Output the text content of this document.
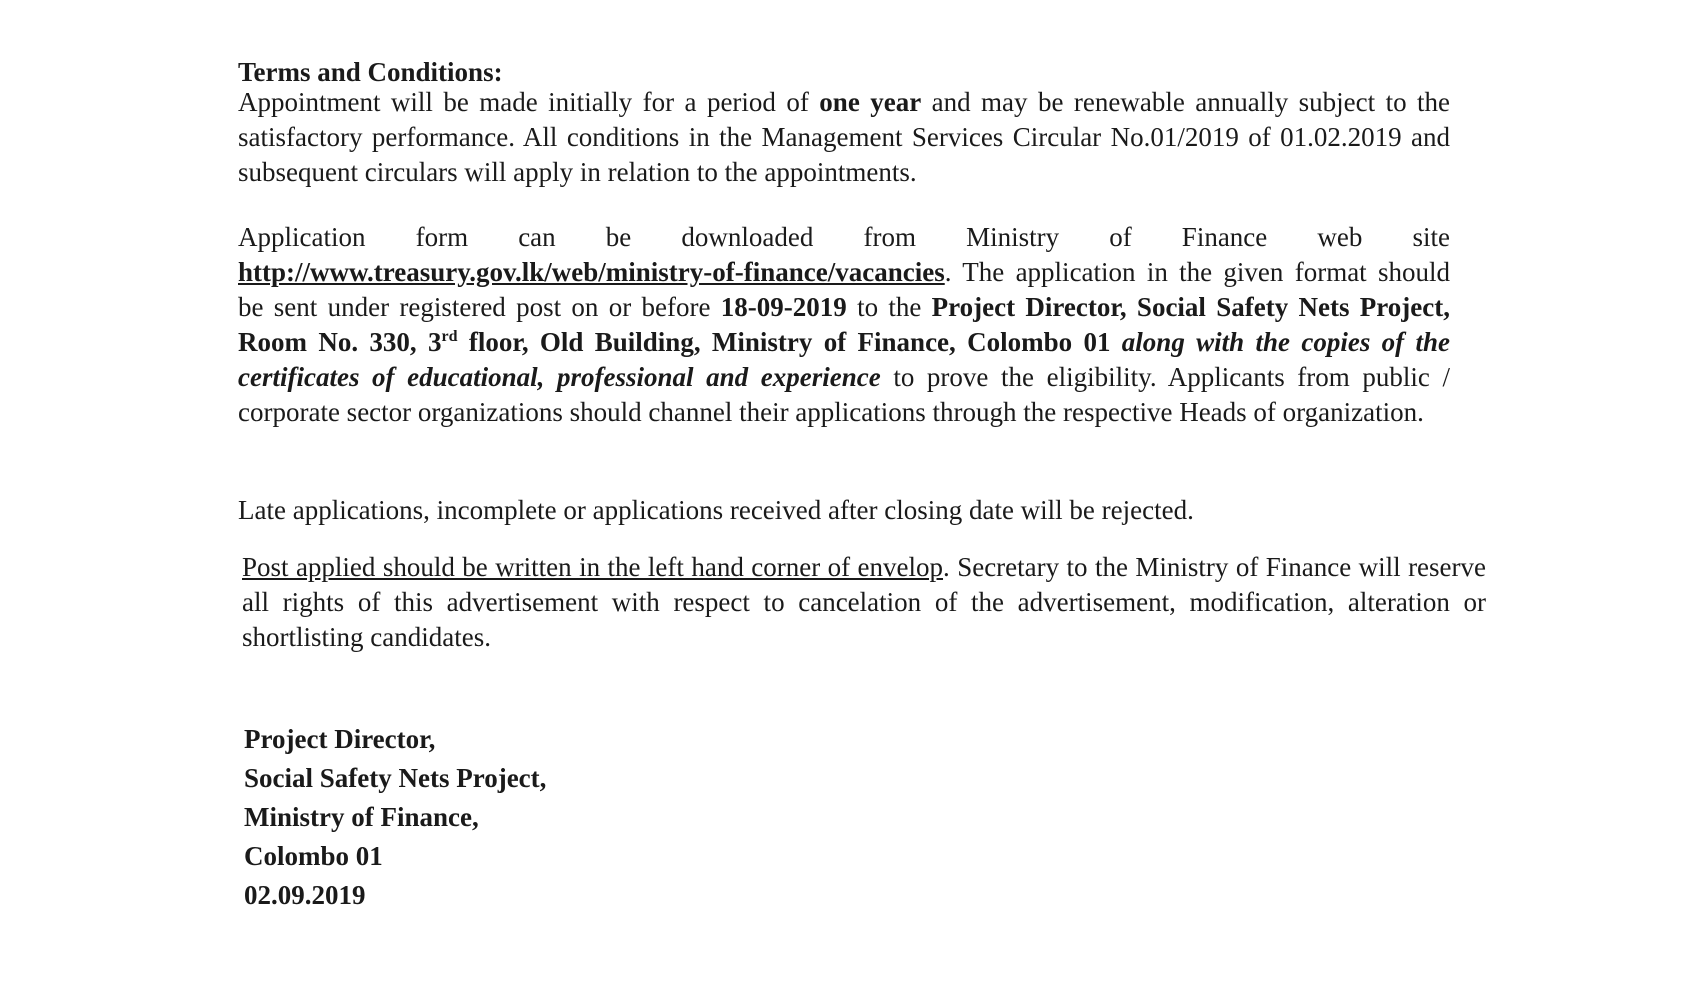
Terms and Conditions:
Appointment will be made initially for a period of one year and may be renewable annually subject to the satisfactory performance. All conditions in the Management Services Circular No.01/2019 of 01.02.2019 and subsequent circulars will apply in relation to the appointments.
Application form can be downloaded from Ministry of Finance web site http://www.treasury.gov.lk/web/ministry-of-finance/vacancies. The application in the given format should be sent under registered post on or before 18-09-2019 to the Project Director, Social Safety Nets Project, Room No. 330, 3rd floor, Old Building, Ministry of Finance, Colombo 01 along with the copies of the certificates of educational, professional and experience to prove the eligibility. Applicants from public / corporate sector organizations should channel their applications through the respective Heads of organization.
Late applications, incomplete or applications received after closing date will be rejected.
Post applied should be written in the left hand corner of envelop. Secretary to the Ministry of Finance will reserve all rights of this advertisement with respect to cancelation of the advertisement, modification, alteration or shortlisting candidates.
Project Director,
Social Safety Nets Project,
Ministry of Finance,
Colombo 01
02.09.2019
